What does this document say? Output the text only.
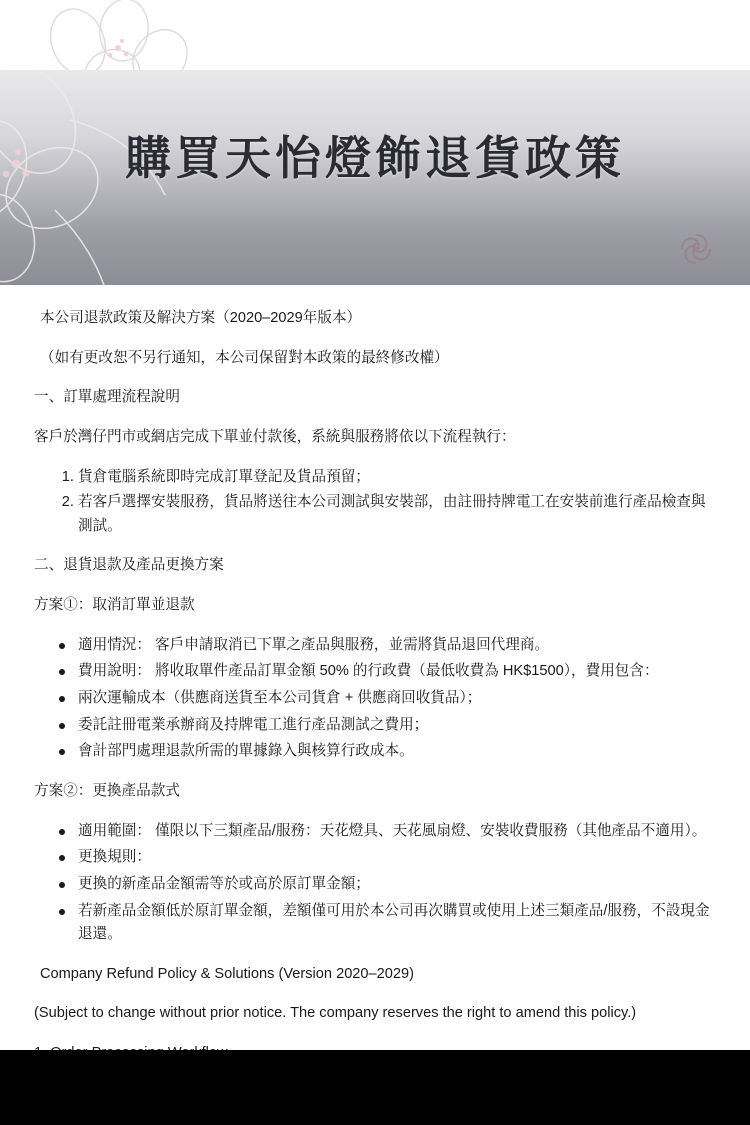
購買天怡燈飾退貨政策

本公司退款政策及解決方案（2020–2029年版本）

（如有更改恕不另行通知，本公司保留對本政策的最終修改權）

一、訂單處理流程說明

客戶於灣仔門市或網店完成下單並付款後，系統與服務將依以下流程執行：

1. 貨倉電腦系統即時完成訂單登記及貨品預留；
2. 若客戶選擇安裝服務，貨品將送往本公司測試與安裝部，由註冊持牌電工在安裝前進行產品檢查與測試。

二、退貨退款及產品更換方案

方案①：取消訂單並退款

適用情況： 客戶申請取消已下單之產品與服務，並需將貨品退回代理商。
費用說明： 將收取單件產品訂單金額 50% 的行政費（最低收費為 HK$1500），費用包含：
兩次運輸成本（供應商送貨至本公司貨倉 + 供應商回收貨品）；
委託註冊電業承辦商及持牌電工進行產品測試之費用；
會計部門處理退款所需的單據錄入與核算行政成本。

方案②：更換產品款式

適用範圍： 僅限以下三類產品/服務：天花燈具、天花風扇燈、安裝收費服務（其他產品不適用）。
更換規則：
更換的新產品金額需等於或高於原訂單金額；
若新產品金額低於原訂單金額，差額僅可用於本公司再次購買或使用上述三類產品/服務，不設現金退還。

Company Refund Policy & Solutions (Version 2020–2029)

(Subject to change without prior notice. The company reserves the right to amend this policy.)
